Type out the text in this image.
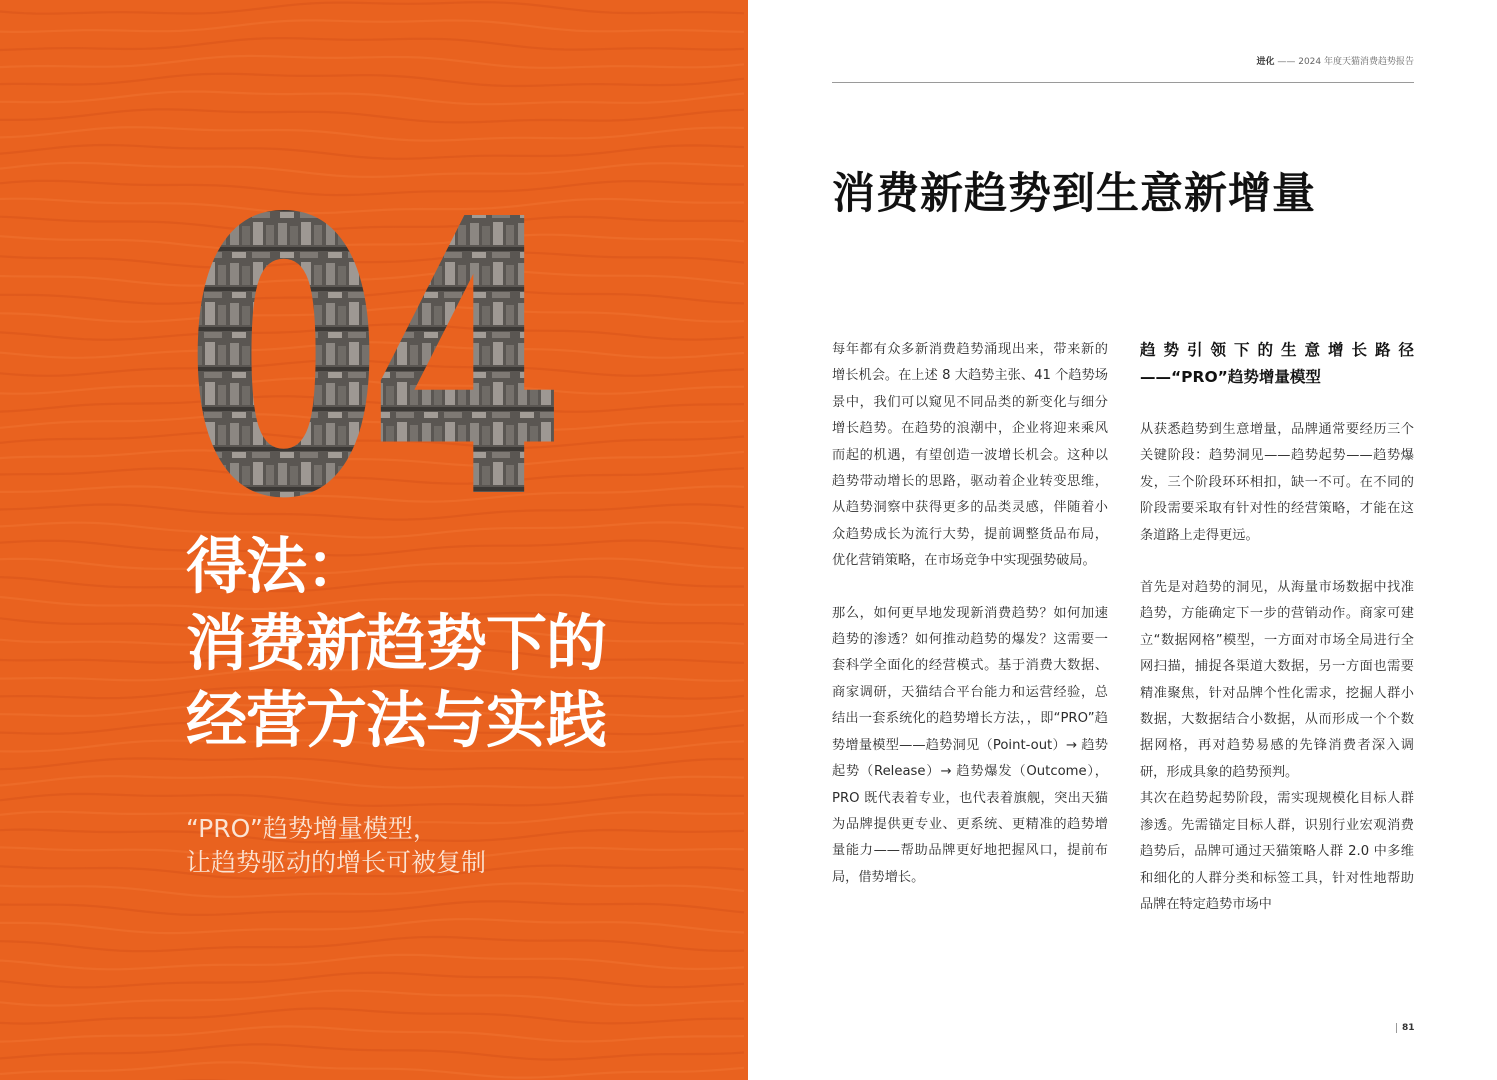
04
得法：
消费新趋势下的
经营方法与实践

“PRO”趋势增量模型，
让趋势驱动的增长可被复制

进化 —— 2024 年度天猫消费趋势报告
消费新趋势到生意新增量

每年都有众多新消费趋势涌现出来，带来新的增长机会。在上述 8 大趋势主张、41 个趋势场景中，我们可以窥见不同品类的新变化与细分增长趋势。在趋势的浪潮中，企业将迎来乘风而起的机遇，有望创造一波增长机会。这种以趋势带动增长的思路，驱动着企业转变思维，从趋势洞察中获得更多的品类灵感，伴随着小众趋势成长为流行大势，提前调整货品布局，优化营销策略，在市场竞争中实现强势破局。

那么，如何更早地发现新消费趋势？如何加速趋势的渗透？如何推动趋势的爆发？这需要一套科学全面化的经营模式。基于消费大数据、商家调研，天猫结合平台能力和运营经验，总结出一套系统化的趋势增长方法，，即“PRO”趋势增量模型——趋势洞见（Point-out）→ 趋势起势（Release）→ 趋势爆发（Outcome），PRO 既代表着专业，也代表着旗舰，突出天猫为品牌提供更专业、更系统、更精准的趋势增量能力——帮助品牌更好地把握风口，提前布局，借势增长。

趋势引领下的生意增长路径——“PRO”趋势增量模型

从获悉趋势到生意增量，品牌通常要经历三个关键阶段：趋势洞见——趋势起势——趋势爆发，三个阶段环环相扣，缺一不可。在不同的阶段需要采取有针对性的经营策略，才能在这条道路上走得更远。

首先是对趋势的洞见，从海量市场数据中找准趋势，方能确定下一步的营销动作。商家可建立“数据网格”模型，一方面对市场全局进行全网扫描，捕捉各渠道大数据，另一方面也需要精准聚焦，针对品牌个性化需求，挖掘人群小数据，大数据结合小数据，从而形成一个个数据网格，再对趋势易感的先锋消费者深入调研，形成具象的趋势预判。

其次在趋势起势阶段，需实现规模化目标人群渗透。先需锚定目标人群，识别行业宏观消费趋势后，品牌可通过天猫策略人群 2.0 中多维和细化的人群分类和标签工具，针对性地帮助品牌在特定趋势市场中

81
